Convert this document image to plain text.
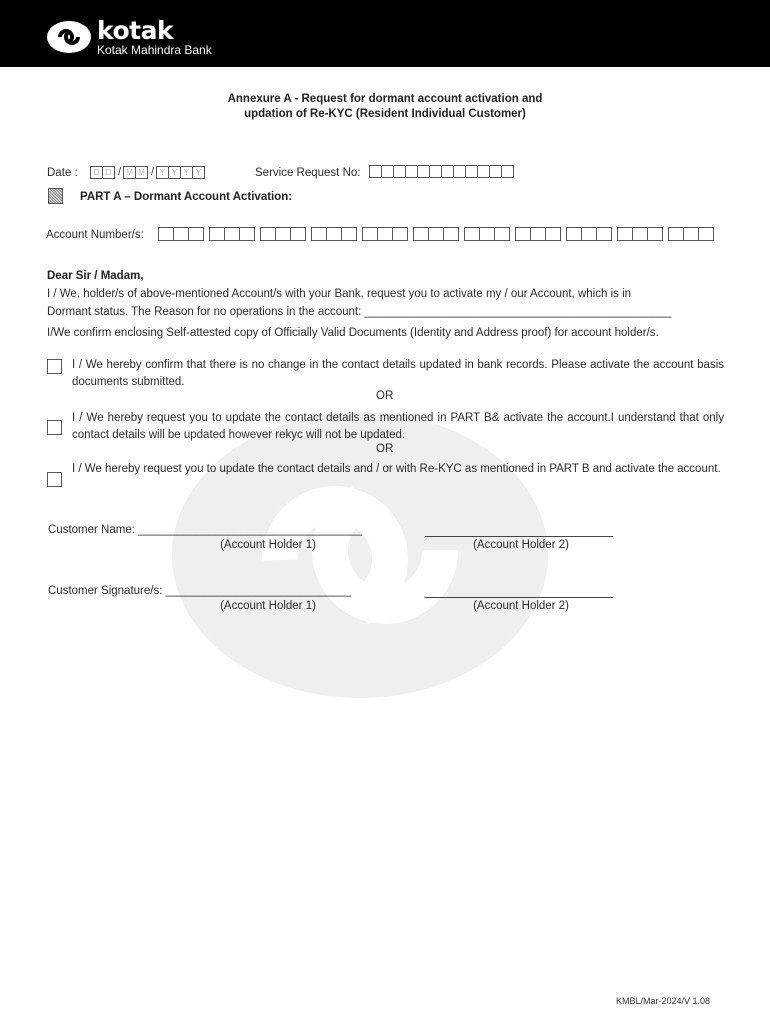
kotak
Kotak Mahindra Bank
Annexure A - Request for dormant account activation and
updation of Re-KYC (Resident Individual Customer)
Date :	D D / M M / Y Y Y Y	Service Request No:
PART A – Dormant Account Activation:
Account Number/s:
Dear Sir / Madam,
I / We, holder/s of above-mentioned Account/s with your Bank, request you to activate my / our Account, which is in
Dormant status. The Reason for no operations in the account: ________________________________________________
I/We confirm enclosing Self-attested copy of Officially Valid Documents (Identity and Address proof) for account holder/s.
I / We hereby confirm that there is no change in the contact details updated in bank records. Please activate the account basis documents submitted.
OR
I / We hereby request you to update the contact details as mentioned in PART B& activate the account.I understand that only contact details will be updated however rekyc will not be updated.
OR
I / We hereby request you to update the contact details and / or with Re-KYC as mentioned in PART B and activate the account.
Customer Name: ___________________________________
(Account Holder 1)	(Account Holder 2)
Customer Signature/s: _____________________________
(Account Holder 1)	(Account Holder 2)
KMBL/Mar-2024/V 1.08
